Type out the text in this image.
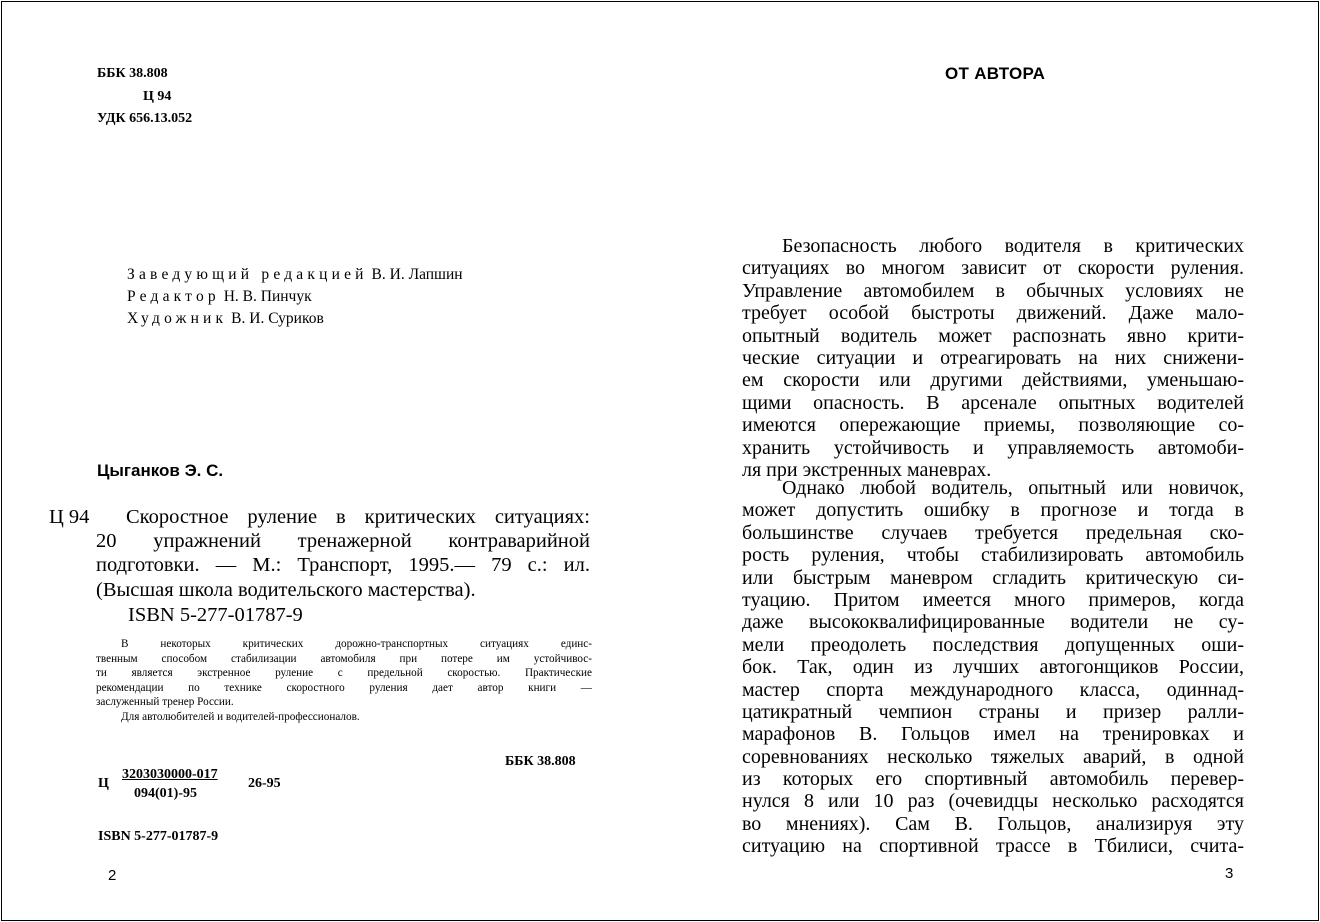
ББК 38.808
Ц 94
УДК 656.13.052
Заведующий редакцией В. И. Лапшин
Редактор Н. В. Пинчук
Художник В. И. Суриков
Цыганков Э. С.
Ц 94 Скоростное руление в критических ситуациях:
20 упражнений тренажерной контраварийной
подготовки. — М.: Транспорт, 1995.— 79 с.: ил.
(Высшая школа водительского мастерства).
ISBN 5-277-01787-9
В некоторых критических дорожно-транспортных ситуациях единс-
твенным способом стабилизации автомобиля при потере им устойчивос-
ти является экстренное руление с предельной скоростью. Практические
рекомендации по технике скоростного руления дает автор книги —
заслуженный тренер России.
Для автолюбителей и водителей-профессионалов.
ББК 38.808
Ц
3203030000-017
094(01)-95
26-95
ISBN 5-277-01787-9
2
ОТ АВТОРА
Безопасность любого водителя в критических
ситуациях во многом зависит от скорости руления.
Управление автомобилем в обычных условиях не
требует особой быстроты движений. Даже мало-
опытный водитель может распознать явно крити-
ческие ситуации и отреагировать на них снижени-
ем скорости или другими действиями, уменьшаю-
щими опасность. В арсенале опытных водителей
имеются опережающие приемы, позволяющие со-
хранить устойчивость и управляемость автомоби-
ля при экстренных маневрах.
Однако любой водитель, опытный или новичок,
может допустить ошибку в прогнозе и тогда в
большинстве случаев требуется предельная ско-
рость руления, чтобы стабилизировать автомобиль
или быстрым маневром сгладить критическую си-
туацию. Притом имеется много примеров, когда
даже высококвалифицированные водители не су-
мели преодолеть последствия допущенных оши-
бок. Так, один из лучших автогонщиков России,
мастер спорта международного класса, одиннад-
цатикратный чемпион страны и призер ралли-
марафонов В. Гольцов имел на тренировках и
соревнованиях несколько тяжелых аварий, в одной
из которых его спортивный автомобиль перевер-
нулся 8 или 10 раз (очевидцы несколько расходятся
во мнениях). Сам В. Гольцов, анализируя эту
ситуацию на спортивной трассе в Тбилиси, счита-
3
